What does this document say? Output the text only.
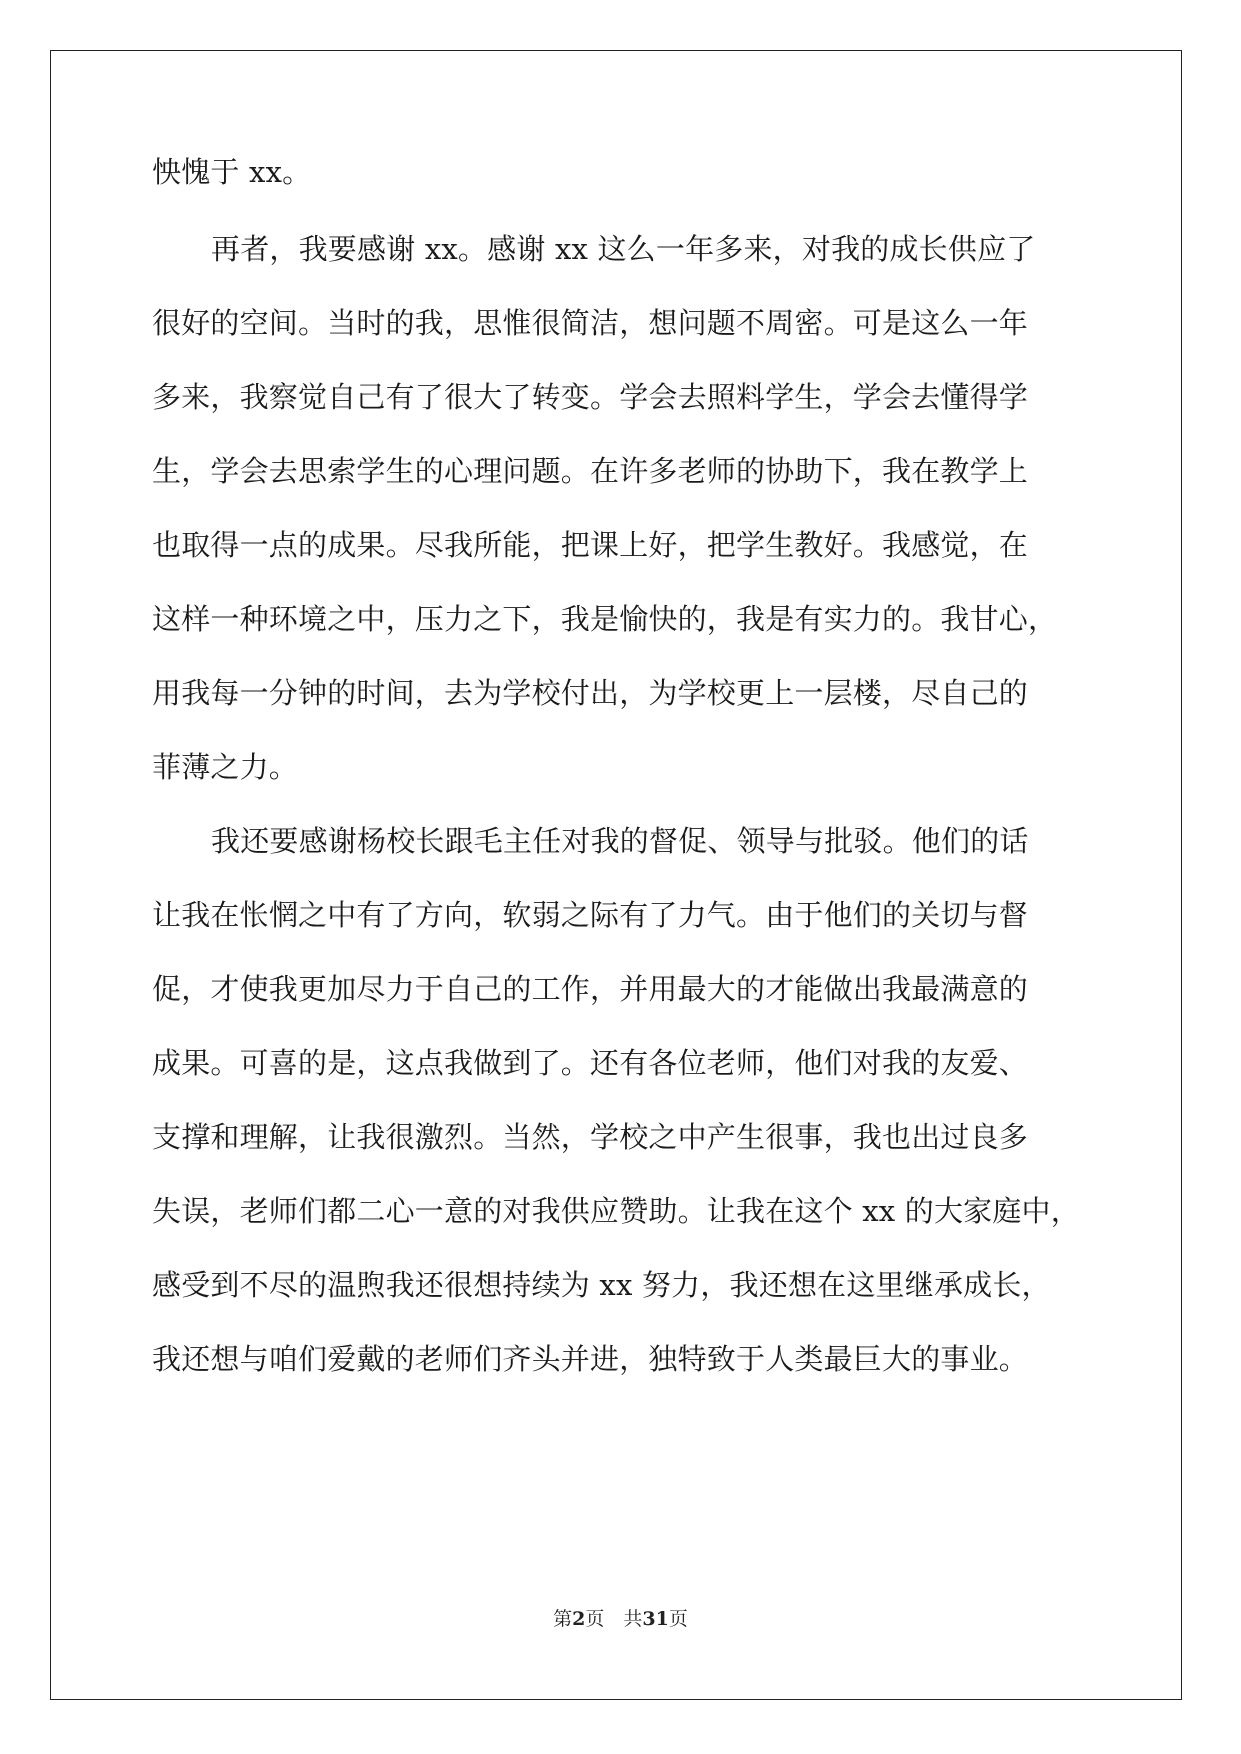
怏愧于 xx。
再者，我要感谢 xx。感谢 xx 这么一年多来，对我的成长供应了
很好的空间。当时的我，思惟很简洁，想问题不周密。可是这么一年
多来，我察觉自己有了很大了转变。学会去照料学生，学会去懂得学
生，学会去思索学生的心理问题。在许多老师的协助下，我在教学上
也取得一点的成果。尽我所能，把课上好，把学生教好。我感觉，在
这样一种环境之中，压力之下，我是愉快的，我是有实力的。我甘心，
用我每一分钟的时间，去为学校付出，为学校更上一层楼，尽自己的
菲薄之力。
我还要感谢杨校长跟毛主任对我的督促、领导与批驳。他们的话
让我在怅惘之中有了方向，软弱之际有了力气。由于他们的关切与督
促，才使我更加尽力于自己的工作，并用最大的才能做出我最满意的
成果。可喜的是，这点我做到了。还有各位老师，他们对我的友爱、
支撑和理解，让我很激烈。当然，学校之中产生很事，我也出过良多
失误，老师们都二心一意的对我供应赞助。让我在这个 xx 的大家庭中，
感受到不尽的温煦我还很想持续为 xx 努力，我还想在这里继承成长，
我还想与咱们爱戴的老师们齐头并进，独特致于人类最巨大的事业。
第2页　共31页
